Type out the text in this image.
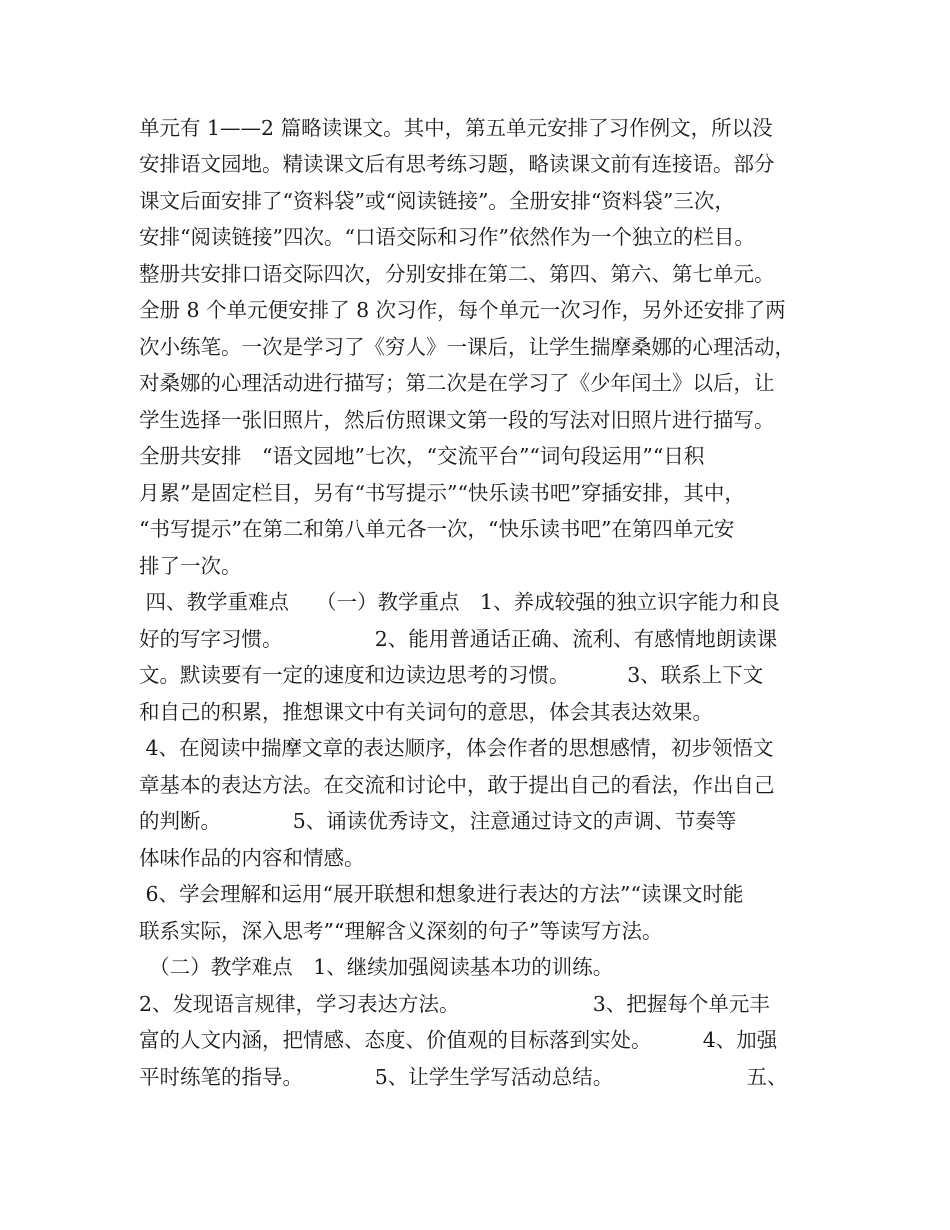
单元有 1——2 篇略读课文。其中，第五单元安排了习作例文，所以没
安排语文园地。精读课文后有思考练习题，略读课文前有连接语。部分
课文后面安排了“资料袋”或“阅读链接”。全册安排“资料袋”三次，
安排“阅读链接”四次。“口语交际和习作”依然作为一个独立的栏目。
整册共安排口语交际四次，分别安排在第二、第四、第六、第七单元。
全册 8 个单元便安排了 8 次习作，每个单元一次习作，另外还安排了两
次小练笔。一次是学习了《穷人》一课后，让学生揣摩桑娜的心理活动，
对桑娜的心理活动进行描写；第二次是在学习了《少年闰土》以后，让
学生选择一张旧照片，然后仿照课文第一段的写法对旧照片进行描写。
全册共安排　“语文园地”七次，“交流平台”“词句段运用”“日积
月累”是固定栏目，另有“书写提示”“快乐读书吧”穿插安排，其中，
“书写提示”在第二和第八单元各一次，“快乐读书吧”在第四单元安
排了一次。
四、教学重难点　 （一）教学重点　1、养成较强的独立识字能力和良
好的写字习惯。　　　　　2、能用普通话正确、流利、有感情地朗读课
文。默读要有一定的速度和边读边思考的习惯。　　　 3、联系上下文
和自己的积累，推想课文中有关词句的意思，体会其表达效果。
4、在阅读中揣摩文章的表达顺序，体会作者的思想感情，初步领悟文
章基本的表达方法。在交流和讨论中，敢于提出自己的看法，作出自己
的判断。　　　　5、诵读优秀诗文，注意通过诗文的声调、节奏等
体味作品的内容和情感。
6、学会理解和运用“展开联想和想象进行表达的方法”“读课文时能
联系实际，深入思考”“理解含义深刻的句子”等读写方法。
　（二）教学难点　1、继续加强阅读基本功的训练。
2、发现语言规律，学习表达方法。　　　　　　　3、把握每个单元丰
富的人文内涵，把情感、态度、价值观的目标落到实处。　　　4、加强
平时练笔的指导。　　　　5、让学生学写活动总结。　　　　　　　五、
